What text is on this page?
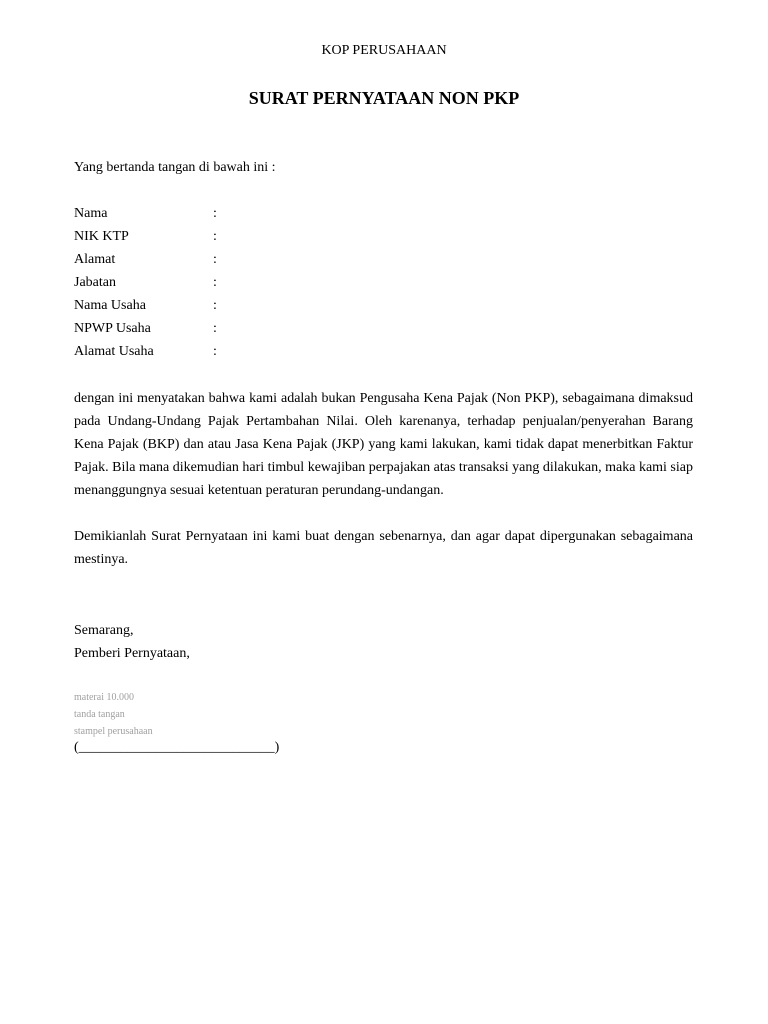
KOP PERUSAHAAN
SURAT PERNYATAAN NON PKP
Yang bertanda tangan di bawah ini :
Nama	:
NIK KTP	:
Alamat	:
Jabatan	:
Nama Usaha	:
NPWP Usaha	:
Alamat Usaha	:

dengan ini menyatakan bahwa kami adalah bukan Pengusaha Kena Pajak (Non PKP), sebagaimana dimaksud pada Undang-Undang Pajak Pertambahan Nilai. Oleh karenanya, terhadap penjualan/penyerahan Barang Kena Pajak (BKP) dan atau Jasa Kena Pajak (JKP) yang kami lakukan, kami tidak dapat menerbitkan Faktur Pajak. Bila mana dikemudian hari timbul kewajiban perpajakan atas transaksi yang dilakukan, maka kami siap menanggungnya sesuai ketentuan peraturan perundang-undangan.

Demikianlah Surat Pernyataan ini kami buat dengan sebenarnya, dan agar dapat dipergunakan sebagaimana mestinya.

Semarang,
Pemberi Pernyataan,
materai 10.000
tanda tangan
stampel perusahaan
(____________________________)
